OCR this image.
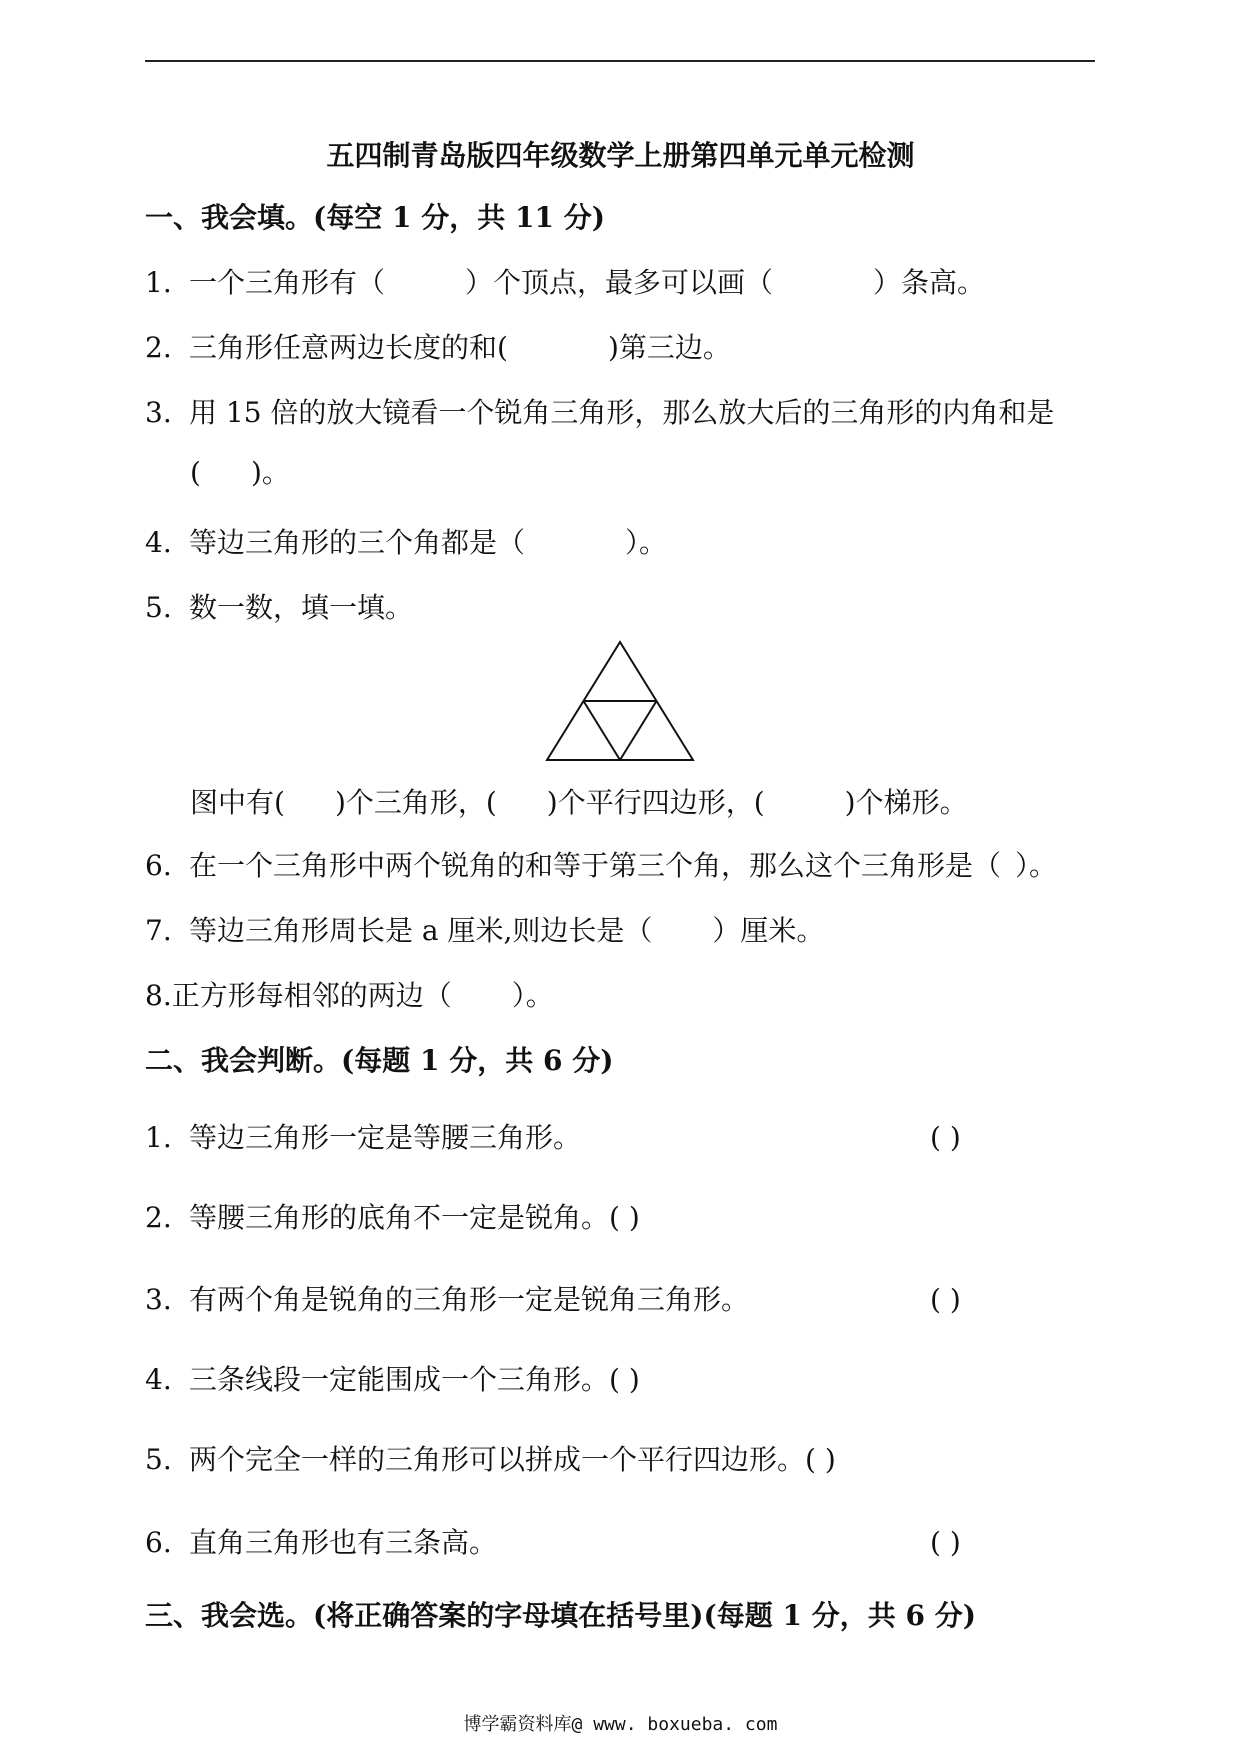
五四制青岛版四年级数学上册第四单元单元检测
一、我会填。(每空 1 分，共 11 分)
1. 一个三角形有（	）个顶点，最多可以画（	）条高。
2. 三角形任意两边长度的和(	)第三边。
3. 用 15 倍的放大镜看一个锐角三角形，那么放大后的三角形的内角和是
( )。
4. 等边三角形的三个角都是（	）。
5. 数一数，填一填。
图中有( )个三角形，( )个平行四边形，(	)个梯形。
6. 在一个三角形中两个锐角的和等于第三个角，那么这个三角形是（ ）。
7. 等边三角形周长是 a 厘米,则边长是（ ）厘米。
8.正方形每相邻的两边（ ）。
二、我会判断。(每题 1 分，共 6 分)
1. 等边三角形一定是等腰三角形。	( )
2. 等腰三角形的底角不一定是锐角。( )
3. 有两个角是锐角的三角形一定是锐角三角形。	( )
4. 三条线段一定能围成一个三角形。( )
5. 两个完全一样的三角形可以拼成一个平行四边形。( )
6. 直角三角形也有三条高。	( )
三、我会选。(将正确答案的字母填在括号里)(每题 1 分，共 6 分)
博学霸资料库@ www. boxueba. com
